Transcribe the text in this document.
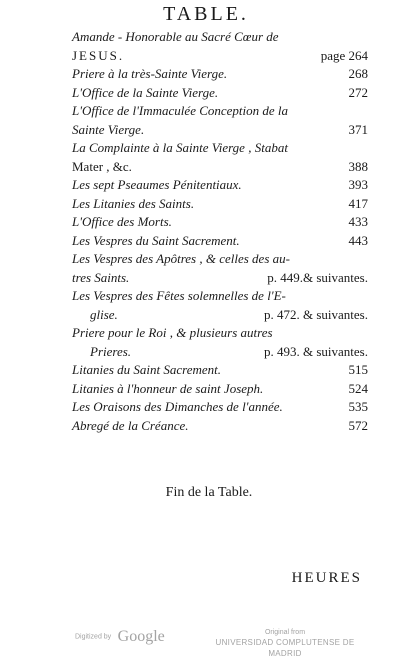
TABLE.
Amande - Honorable au Sacré Cœur de
JESUS.	page 264
Priere à la très-Sainte Vierge.	268
L'Office de la Sainte Vierge.	272
L'Office de l'Immaculée Conception de la
Sainte Vierge.	371
La Complainte à la Sainte Vierge , Stabat
Mater , &c.	388
Les sept Pseaumes Pénitentiaux.	393
Les Litanies des Saints.	417
L'Office des Morts.	433
Les Vespres du Saint Sacrement.	443
Les Vespres des Apôtres , & celles des au-
tres Saints.	p. 449.& suivantes.
Les Vespres des Fêtes solemnelles de l'E-
glise.	p. 472. & suivantes.
Priere pour le Roi , & plusieurs autres
Prieres.	p. 493. & suivantes.
Litanies du Saint Sacrement.	515
Litanies à l'honneur de saint Joseph.	524
Les Oraisons des Dimanches de l'année.	535
Abregé de la Créance.	572
Fin de la Table.
HEURES
Digitized by Google	Original from
UNIVERSIDAD COMPLUTENSE DE MADRID
